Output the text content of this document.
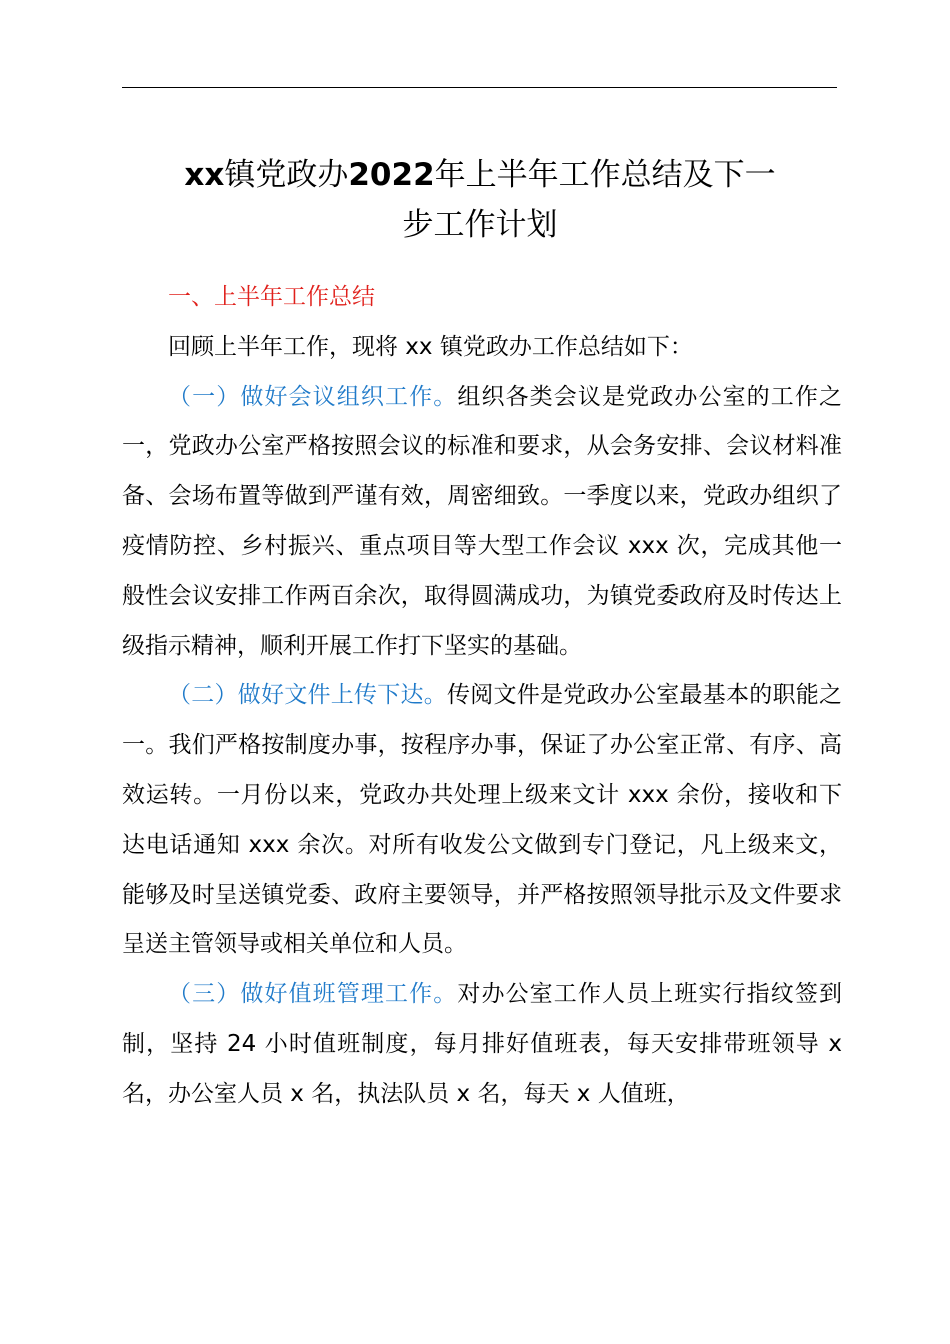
xx镇党政办2022年上半年工作总结及下一
步工作计划

一、上半年工作总结

回顾上半年工作，现将 xx 镇党政办工作总结如下：

（一）做好会议组织工作。组织各类会议是党政办公室的工作之一，党政办公室严格按照会议的标准和要求，从会务安排、会议材料准备、会场布置等做到严谨有效，周密细致。一季度以来，党政办组织了疫情防控、乡村振兴、重点项目等大型工作会议 xxx 次，完成其他一般性会议安排工作两百余次，取得圆满成功，为镇党委政府及时传达上级指示精神，顺利开展工作打下坚实的基础。

（二）做好文件上传下达。传阅文件是党政办公室最基本的职能之一。我们严格按制度办事，按程序办事，保证了办公室正常、有序、高效运转。一月份以来，党政办共处理上级来文计 xxx 余份，接收和下达电话通知 xxx 余次。对所有收发公文做到专门登记，凡上级来文，能够及时呈送镇党委、政府主要领导，并严格按照领导批示及文件要求呈送主管领导或相关单位和人员。

（三）做好值班管理工作。对办公室工作人员上班实行指纹签到制，坚持 24 小时值班制度，每月排好值班表，每天安排带班领导 x 名，办公室人员 x 名，执法队员 x 名，每天 x 人值班，
